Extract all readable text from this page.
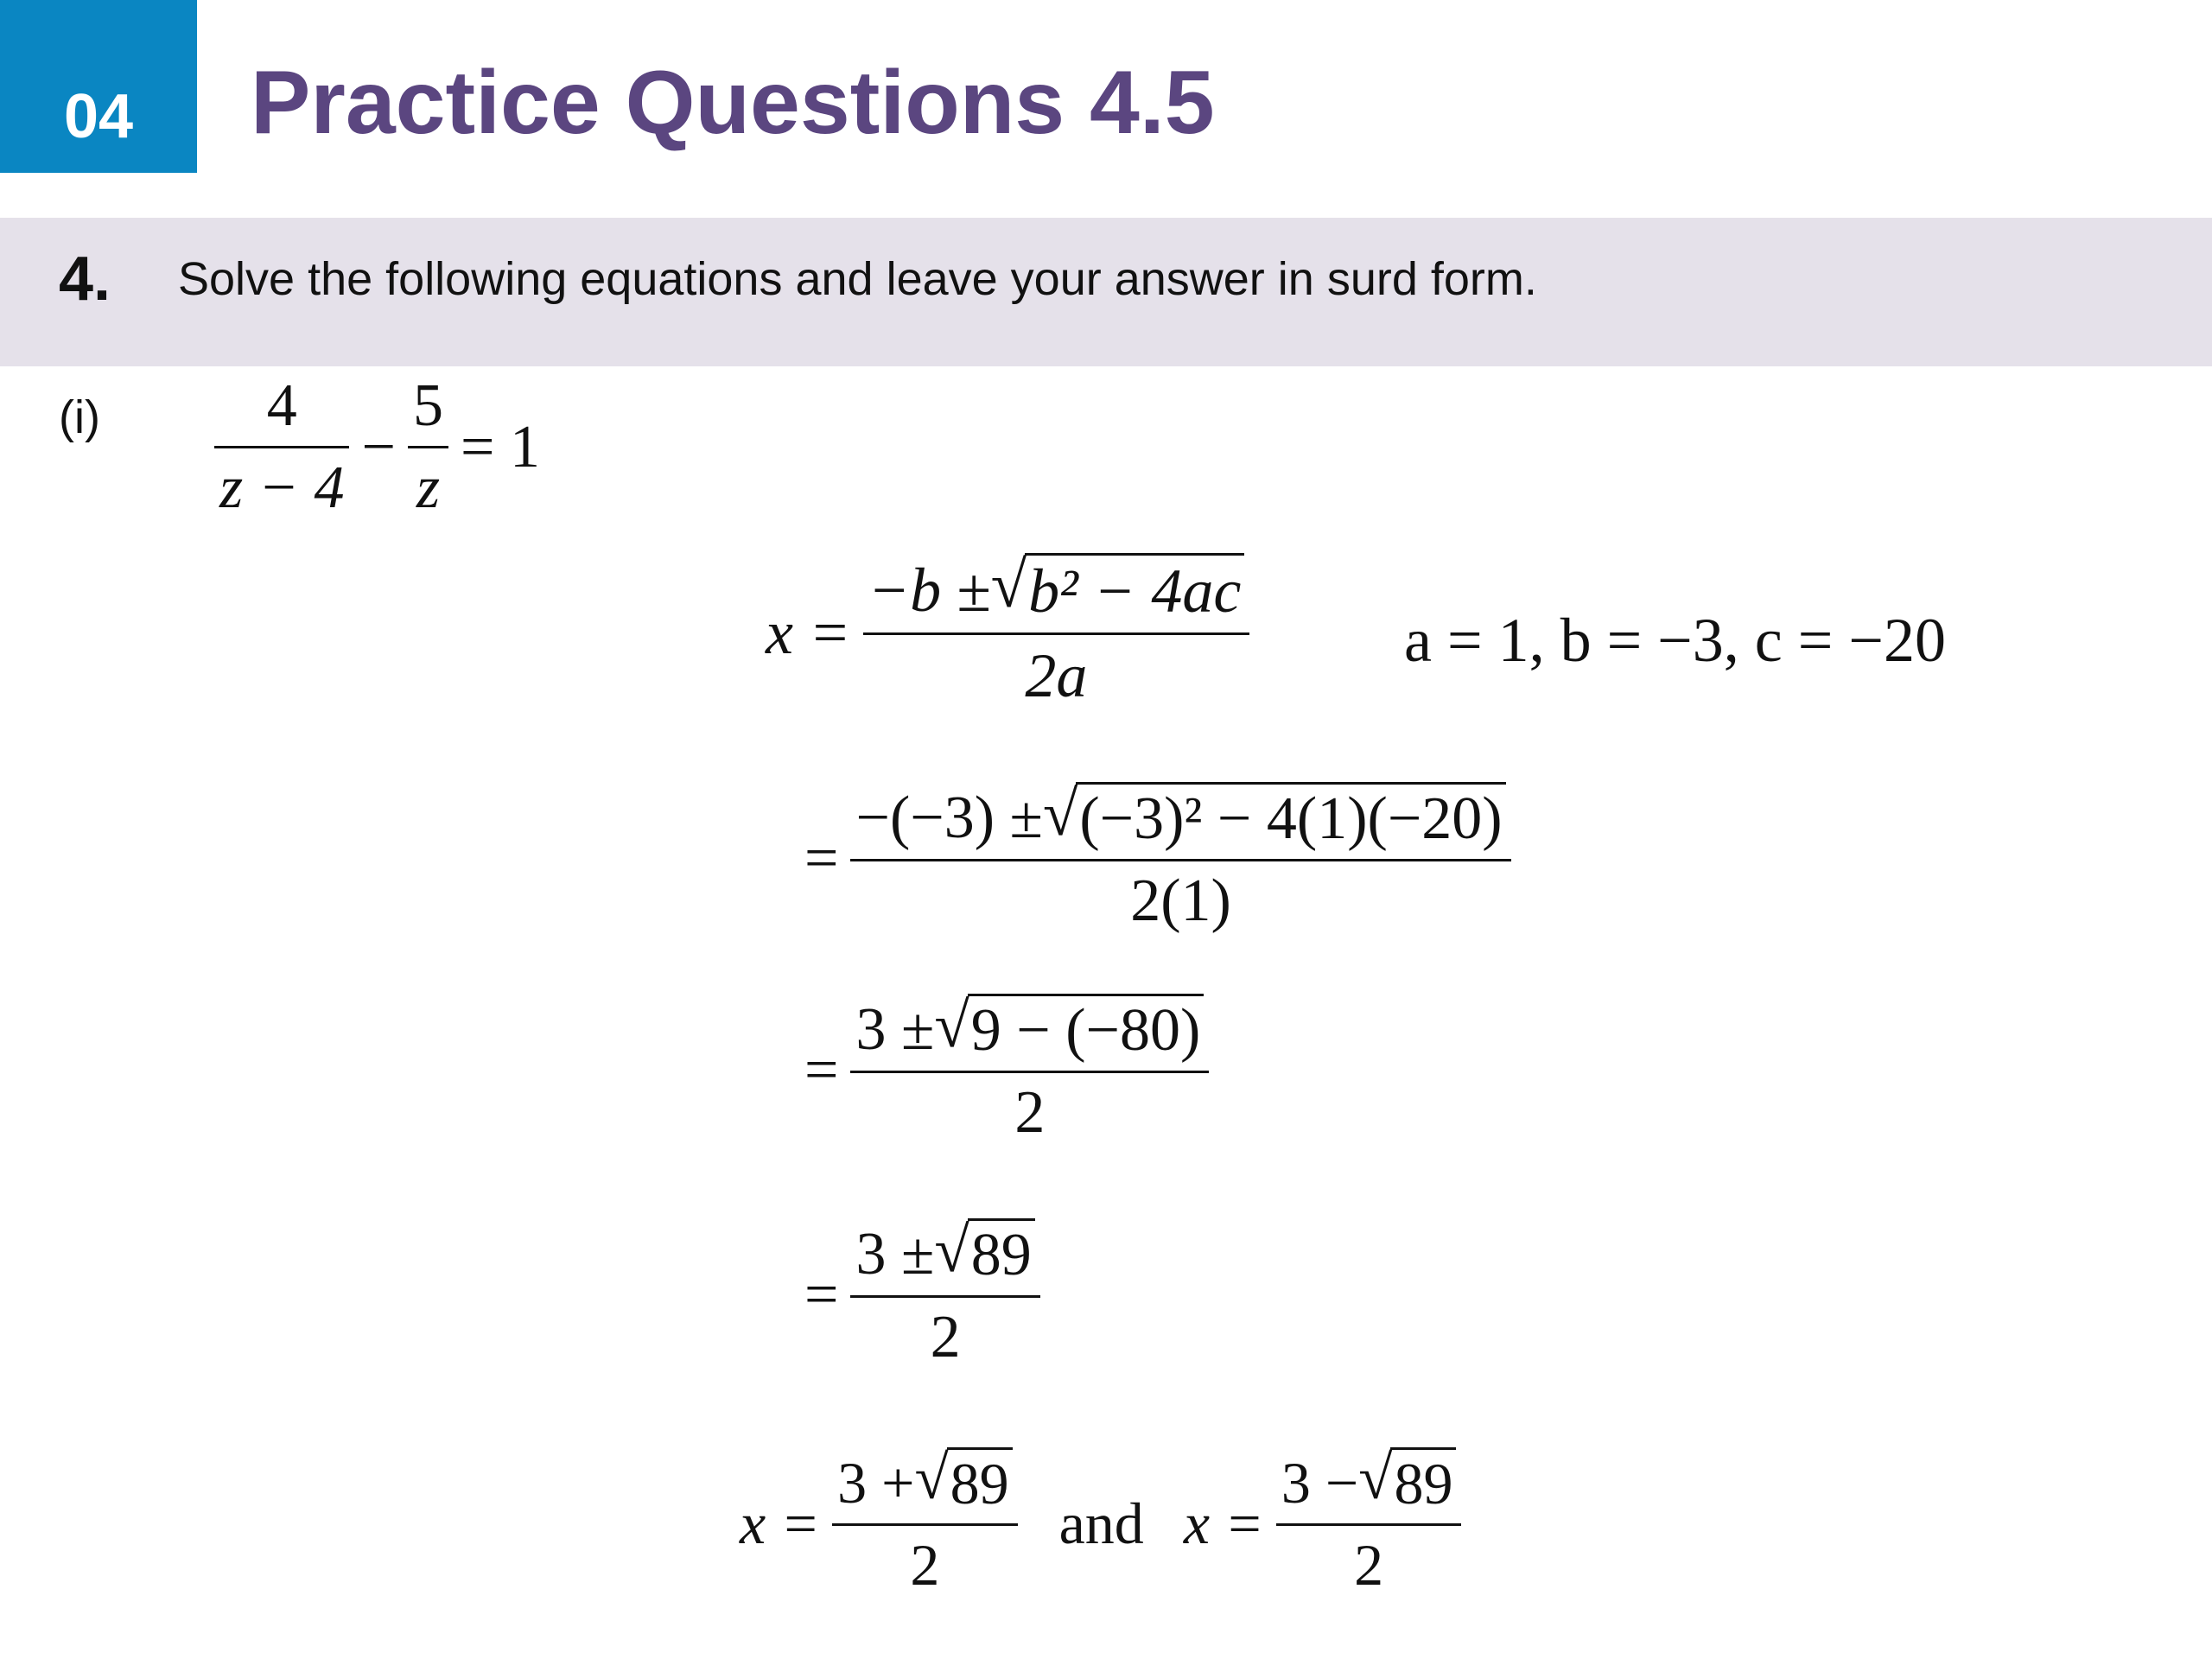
04	Practice Questions 4.5
4. Solve the following equations and leave your answer in surd form.
$(i) \frac{4}{z - 4} - \frac{5}{z} = 1$
$x = \frac{\text{−b ± √ b² − 4ac}}{2a}$ a = 1, b = −3, c = −20
= $\frac{\text{−(−3) ± √ (−3)² − 4(1)(−20)}}{2(1)}$
= $\frac{3 \pm √ 9 - (-80)}{2}$
= $\frac{3 \pm √ 89}{2}$
$x = \frac{3 + √ 89}{2}$ and $x = \frac{3 - √ 89}{2}$
